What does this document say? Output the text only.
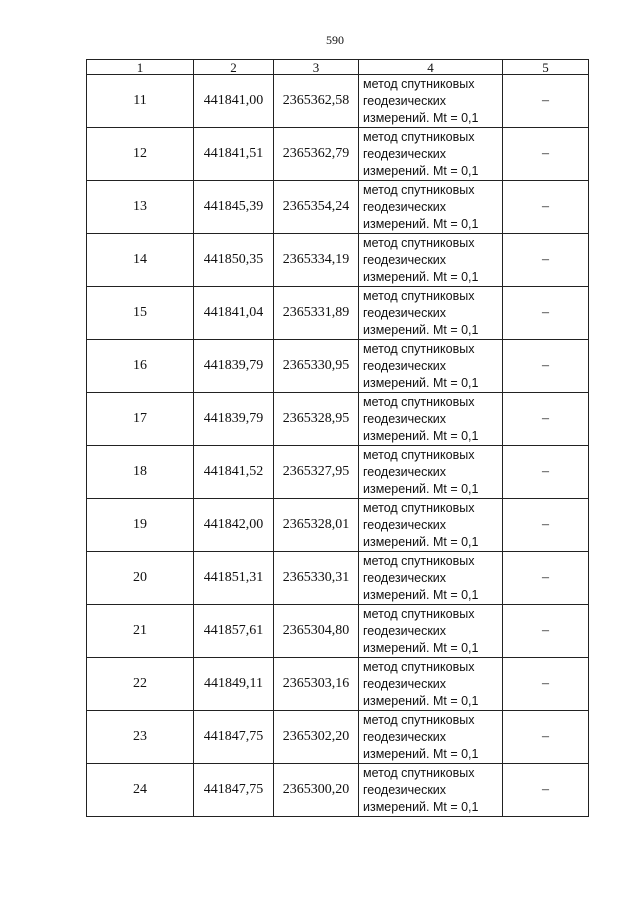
590
1	2	3	4	5
11	441841,00	2365362,58	метод спутниковых
геодезических
измерений. Mt = 0,1	–
12	441841,51	2365362,79	метод спутниковых
геодезических
измерений. Mt = 0,1	–
13	441845,39	2365354,24	метод спутниковых
геодезических
измерений. Mt = 0,1	–
14	441850,35	2365334,19	метод спутниковых
геодезических
измерений. Mt = 0,1	–
15	441841,04	2365331,89	метод спутниковых
геодезических
измерений. Mt = 0,1	–
16	441839,79	2365330,95	метод спутниковых
геодезических
измерений. Mt = 0,1	–
17	441839,79	2365328,95	метод спутниковых
геодезических
измерений. Mt = 0,1	–
18	441841,52	2365327,95	метод спутниковых
геодезических
измерений. Mt = 0,1	–
19	441842,00	2365328,01	метод спутниковых
геодезических
измерений. Mt = 0,1	–
20	441851,31	2365330,31	метод спутниковых
геодезических
измерений. Mt = 0,1	–
21	441857,61	2365304,80	метод спутниковых
геодезических
измерений. Mt = 0,1	–
22	441849,11	2365303,16	метод спутниковых
геодезических
измерений. Mt = 0,1	–
23	441847,75	2365302,20	метод спутниковых
геодезических
измерений. Mt = 0,1	–
24	441847,75	2365300,20	метод спутниковых
геодезических
измерений. Mt = 0,1	–
